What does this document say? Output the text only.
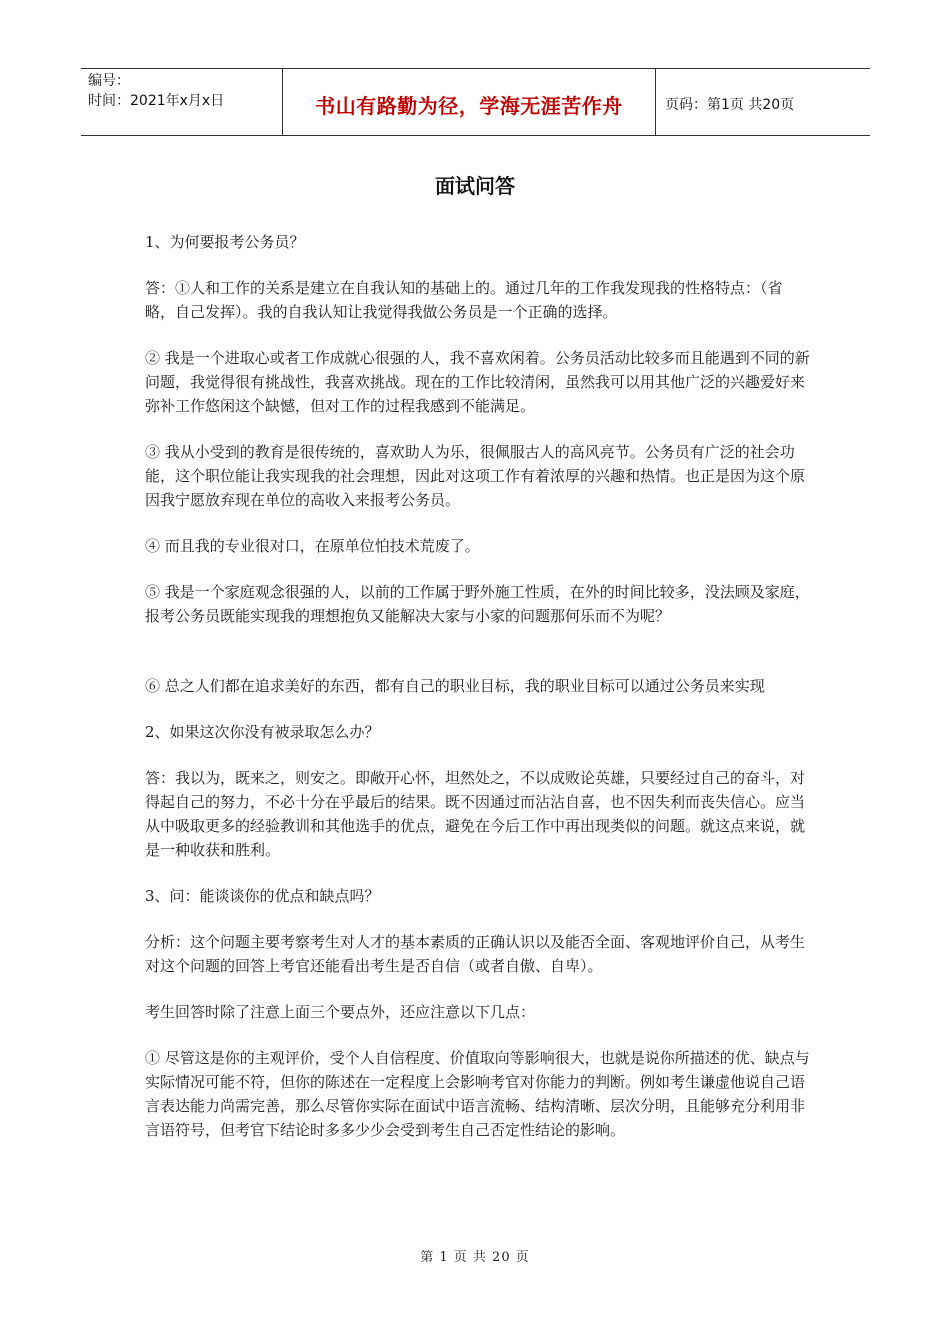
编号：
时间：2021年x月x日	书山有路勤为径，学海无涯苦作舟	页码：第1页 共20页
面试问答

1、为何要报考公务员？

答：①人和工作的关系是建立在自我认知的基础上的。通过几年的工作我发现我的性格特点：（省略，自己发挥）。我的自我认知让我觉得我做公务员是一个正确的选择。

② 我是一个进取心或者工作成就心很强的人，我不喜欢闲着。公务员活动比较多而且能遇到不同的新问题，我觉得很有挑战性，我喜欢挑战。现在的工作比较清闲，虽然我可以用其他广泛的兴趣爱好来弥补工作悠闲这个缺憾，但对工作的过程我感到不能满足。

③ 我从小受到的教育是很传统的，喜欢助人为乐，很佩服古人的高风亮节。公务员有广泛的社会功能，这个职位能让我实现我的社会理想，因此对这项工作有着浓厚的兴趣和热情。也正是因为这个原因我宁愿放弃现在单位的高收入来报考公务员。

④ 而且我的专业很对口，在原单位怕技术荒废了。

⑤ 我是一个家庭观念很强的人，以前的工作属于野外施工性质，在外的时间比较多，没法顾及家庭，报考公务员既能实现我的理想抱负又能解决大家与小家的问题那何乐而不为呢？

⑥ 总之人们都在追求美好的东西，都有自己的职业目标，我的职业目标可以通过公务员来实现

2、如果这次你没有被录取怎么办？

答：我以为，既来之，则安之。即敞开心怀，坦然处之，不以成败论英雄，只要经过自己的奋斗，对得起自己的努力，不必十分在乎最后的结果。既不因通过而沾沾自喜，也不因失利而丧失信心。应当从中吸取更多的经验教训和其他选手的优点，避免在今后工作中再出现类似的问题。就这点来说，就是一种收获和胜利。

3、问：能谈谈你的优点和缺点吗？

分析：这个问题主要考察考生对人才的基本素质的正确认识以及能否全面、客观地评价自己，从考生对这个问题的回答上考官还能看出考生是否自信（或者自傲、自卑）。

考生回答时除了注意上面三个要点外，还应注意以下几点：

① 尽管这是你的主观评价，受个人自信程度、价值取向等影响很大，也就是说你所描述的优、缺点与实际情况可能不符，但你的陈述在一定程度上会影响考官对你能力的判断。例如考生谦虚他说自己语言表达能力尚需完善，那么尽管你实际在面试中语言流畅、结构清晰、层次分明，且能够充分利用非言语符号，但考官下结论时多多少少会受到考生自己否定性结论的影响。

第 1 页 共 20 页
